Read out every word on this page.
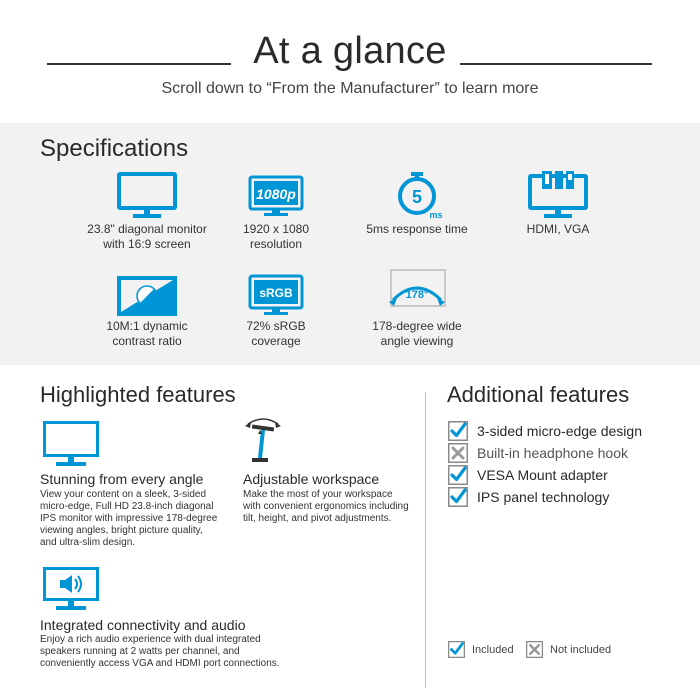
At a glance
Scroll down to “From the Manufacturer” to learn more
Specifications
23.8" diagonal monitor
with 16:9 screen
1080p
1920 x 1080
resolution
5
ms
5ms response time	HDMI, VGA
10M:1 dynamic
contrast ratio
sRGB
72% sRGB
coverage
178°
178-degree wide
angle viewing
Highlighted features
Stunning from every angle
View your content on a sleek, 3-sided
micro-edge, Full HD 23.8-inch diagonal
IPS monitor with impressive 178-degree
viewing angles, bright picture quality,
and ultra-slim design.
Adjustable workspace
Make the most of your workspace
with convenient ergonomics including
tilt, height, and pivot adjustments.
Integrated connectivity and audio
Enjoy a rich audio experience with dual integrated
speakers running at 2 watts per channel, and
conveniently access VGA and HDMI port connections.
Additional features
3-sided micro-edge design
Built-in headphone hook
VESA Mount adapter
IPS panel technology
Included	Not included
